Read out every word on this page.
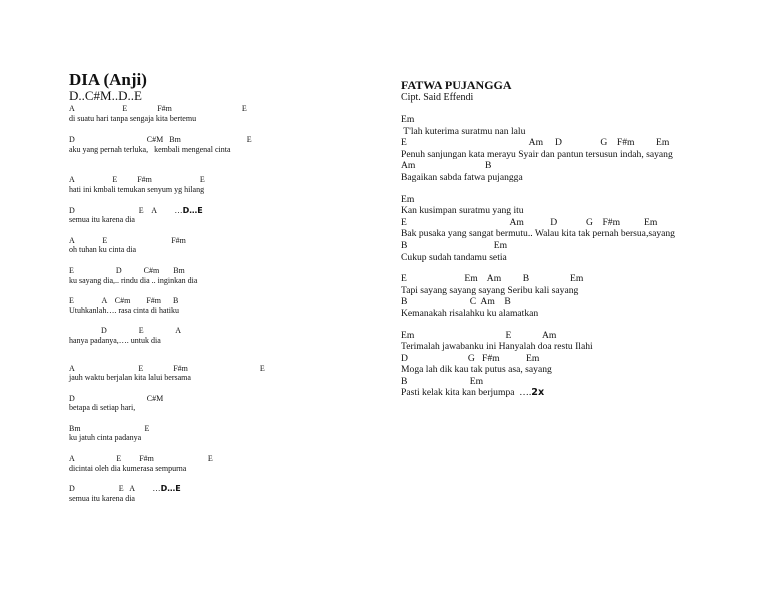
DIA (Anji)
D..C#M..D..E
A                        E               F#m                                   E
di suatu hari tanpa sengaja kita bertemu
D                                    C#M   Bm                                 E
aku yang pernah terluka,   kembali mengenal cinta
A                   E          F#m                        E
hati ini kmbali temukan senyum yg hilang
D                                E    A         …D…E
semua itu karena dia
A              E                                F#m
oh tuhan ku cinta dia
E                     D           C#m       Bm
ku sayang dia,.. rindu dia .. inginkan dia
E              A    C#m        F#m      B
Utuhkanlah…. rasa cinta di hatiku
D                E                A
hanya padanya,…. untuk dia
A                                E               F#m                                    E
jauh waktu berjalan kita lalui bersama
D                                    C#M
betapa di setiap hari,
Bm                                E
ku jatuh cinta padanya
A                     E         F#m                           E
dicintai oleh dia kumerasa sempurna
D                      E   A         …D…E
semua itu karena dia
FATWA PUJANGGA
Cipt. Said Effendi
Em
T'lah kuterima suratmu nan lalu
E                                                   Am     D                G    F#m         Em
Penuh sanjungan kata merayu Syair dan pantun tersusun indah, sayang
Am                             B
Bagaikan sabda fatwa pujangga
Em
Kan kusimpan suratmu yang itu
E                                           Am           D            G    F#m          Em
Bak pusaka yang sangat bermutu.. Walau kita tak pernah bersua,sayang
B                                    Em
Cukup sudah tandamu setia
E                        Em    Am         B                 Em
Tapi sayang sayang sayang Seribu kali sayang
B                          C  Am    B
Kemanakah risalahku ku alamatkan
Em                                      E             Am
Terimalah jawabanku ini Hanyalah doa restu Ilahi
D                         G   F#m           Em
Moga lah dik kau tak putus asa, sayang
B                          Em
Pasti kelak kita kan berjumpa  ….2x
